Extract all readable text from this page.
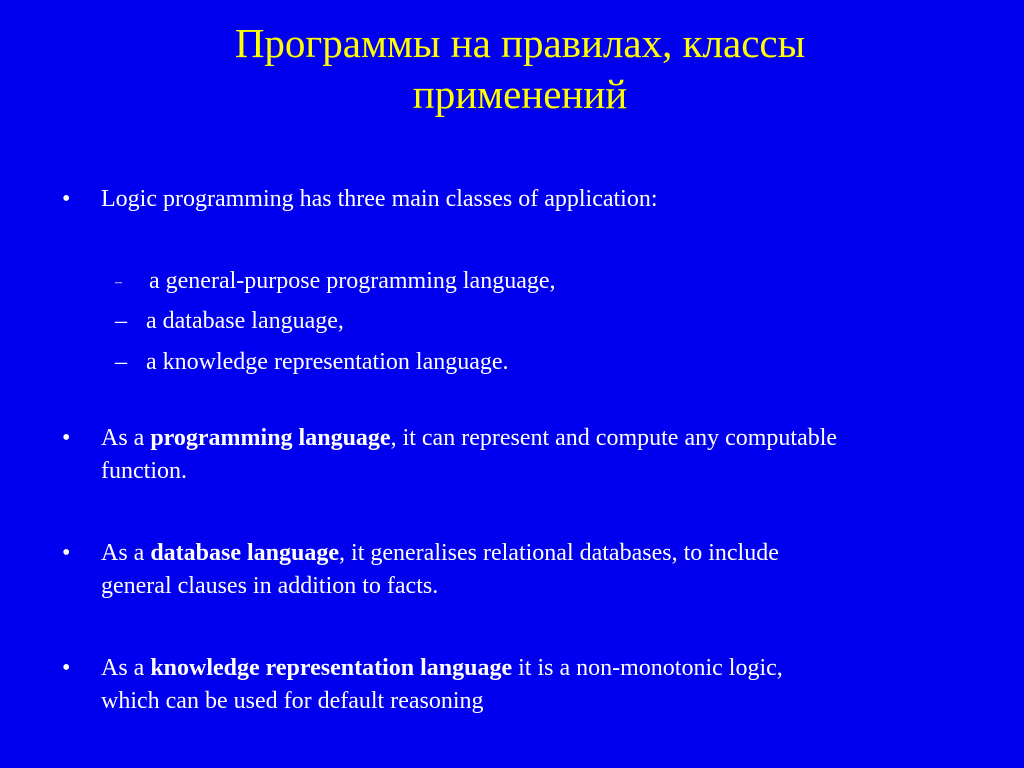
Программы на правилах, классы
применений
•	Logic programming has three main classes of application:
– a general-purpose programming language,
– a database language,
– a knowledge representation language.
•	As a programming language, it can represent and compute any computable
function.
•	As a database language, it generalises relational databases, to include
general clauses in addition to facts.
•	As a knowledge representation language it is a non-monotonic logic,
which can be used for default reasoning
